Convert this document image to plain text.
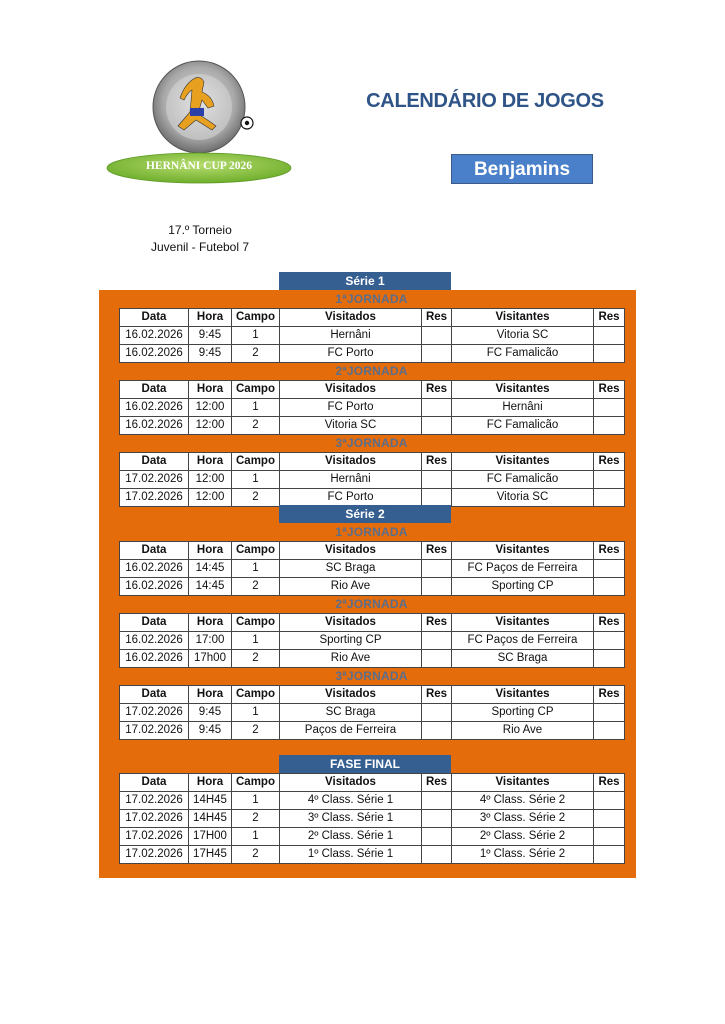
HERNÂNI CUP 2026
CALENDÁRIO DE JOGOS
Benjamins
17.º Torneio
Juvenil - Futebol 7
Série 1
1ªJORNADA
Data	Hora	Campo	Visitados	Res	Visitantes	Res
16.02.2026	9:45	1	Hernâni		Vitoria SC	
16.02.2026	9:45	2	FC Porto		FC Famalicão	
2ªJORNADA
Data	Hora	Campo	Visitados	Res	Visitantes	Res
16.02.2026	12:00	1	FC Porto		Hernâni	
16.02.2026	12:00	2	Vitoria SC		FC Famalicão	
3ªJORNADA
Data	Hora	Campo	Visitados	Res	Visitantes	Res
17.02.2026	12:00	1	Hernâni		FC Famalicão	
17.02.2026	12:00	2	FC Porto		Vitoria SC	
Série 2
1ªJORNADA
Data	Hora	Campo	Visitados	Res	Visitantes	Res
16.02.2026	14:45	1	SC Braga		FC Paços de Ferreira	
16.02.2026	14:45	2	Rio Ave		Sporting CP	
2ªJORNADA
Data	Hora	Campo	Visitados	Res	Visitantes	Res
16.02.2026	17:00	1	Sporting CP		FC Paços de Ferreira	
16.02.2026	17h00	2	Rio Ave		SC Braga	
3ªJORNADA
Data	Hora	Campo	Visitados	Res	Visitantes	Res
17.02.2026	9:45	1	SC Braga		Sporting CP	
17.02.2026	9:45	2	Paços de Ferreira		Rio Ave	
FASE FINAL
Data	Hora	Campo	Visitados	Res	Visitantes	Res
17.02.2026	14H45	1	4º Class. Série 1		4º Class. Série 2	
17.02.2026	14H45	2	3º Class. Série 1		3º Class. Série 2	
17.02.2026	17H00	1	2º Class. Série 1		2º Class. Série 2	
17.02.2026	17H45	2	1º Class. Série 1		1º Class. Série 2	
